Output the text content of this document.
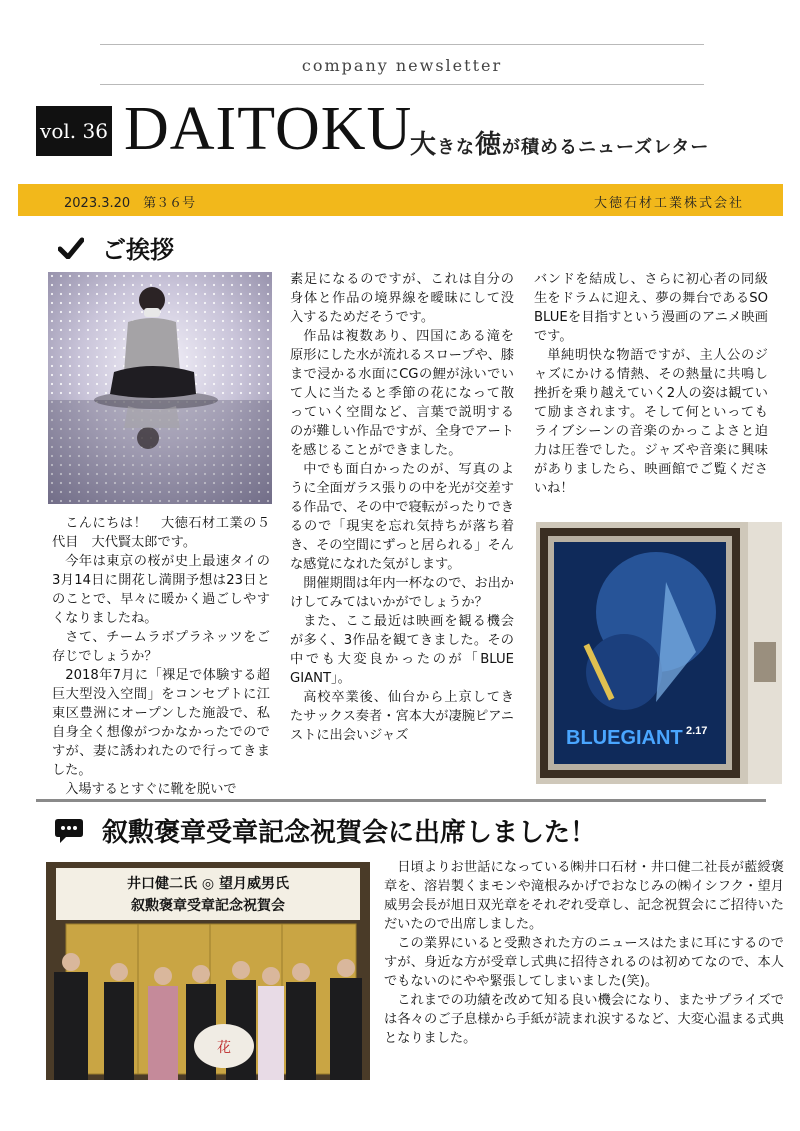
company newsletter
vol. 36 DAITOKU
大きな徳が積めるニューズレター
2023.3.20　第３６号	大徳石材工業株式会社
ご挨拶

こんにちは！　大徳石材工業の５代目　大代賢太郎です。

今年は東京の桜が史上最速タイの3月14日に開花し満開予想は23日とのことで、早々に暖かく過ごしやすくなりましたね。

さて、チームラボプラネッツをご存じでしょうか？

2018年7月に「裸足で体験する超巨大型没入空間」をコンセプトに江東区豊洲にオープンした施設で、私自身全く想像がつかなかったでのですが、妻に誘われたので行ってきました。

入場するとすぐに靴を脱いで

素足になるのですが、これは自分の身体と作品の境界線を曖昧にして没入するためだそうです。

作品は複数あり、四国にある滝を原形にした水が流れるスロープや、膝まで浸かる水面にCGの鯉が泳いでいて人に当たると季節の花になって散っていく空間など、言葉で説明するのが難しい作品ですが、全身でアートを感じることができました。

中でも面白かったのが、写真のように全面ガラス張りの中を光が交差する作品で、その中で寝転がったりできるので「現実を忘れ気持ちが落ち着き、その空間にずっと居られる」そんな感覚になれた気がします。

開催期間は年内一杯なので、お出かけしてみてはいかがでしょうか？

また、ここ最近は映画を観る機会が多く、3作品を観てきました。その中でも大変良かったのが「BLUE GIANT」。

高校卒業後、仙台から上京してきたサックス奏者・宮本大が凄腕ピアニストに出会いジャズ

バンドを結成し、さらに初心者の同級生をドラムに迎え、夢の舞台であるSO BLUEを目指すという漫画のアニメ映画です。

単純明快な物語ですが、主人公のジャズにかける情熱、その熱量に共鳴し挫折を乗り越えていく2人の姿は観ていて励まされます。そして何といってもライブシーンの音楽のかっこよさと迫力は圧巻でした。ジャズや音楽に興味がありましたら、映画館でご覧くださいね！

BLUEGIANT 2.17
叙勲褒章受章記念祝賀会に出席しました！
井口健二氏 ◎ 望月威男氏
叙勲褒章受章記念祝賀会
花

日頃よりお世話になっている㈱井口石材・井口健二社長が藍綬褒章を、溶岩製くまモンや滝根みかげでおなじみの㈱イシフク・望月威男会長が旭日双光章をそれぞれ受章し、記念祝賀会にご招待いただいたので出席しました。

この業界にいると受勲された方のニュースはたまに耳にするのですが、身近な方が受章し式典に招待されるのは初めてなので、本人でもないのにやや緊張してしまいました(笑)。

これまでの功績を改めて知る良い機会になり、またサプライズでは各々のご子息様から手紙が読まれ涙するなど、大変心温まる式典となりました。
